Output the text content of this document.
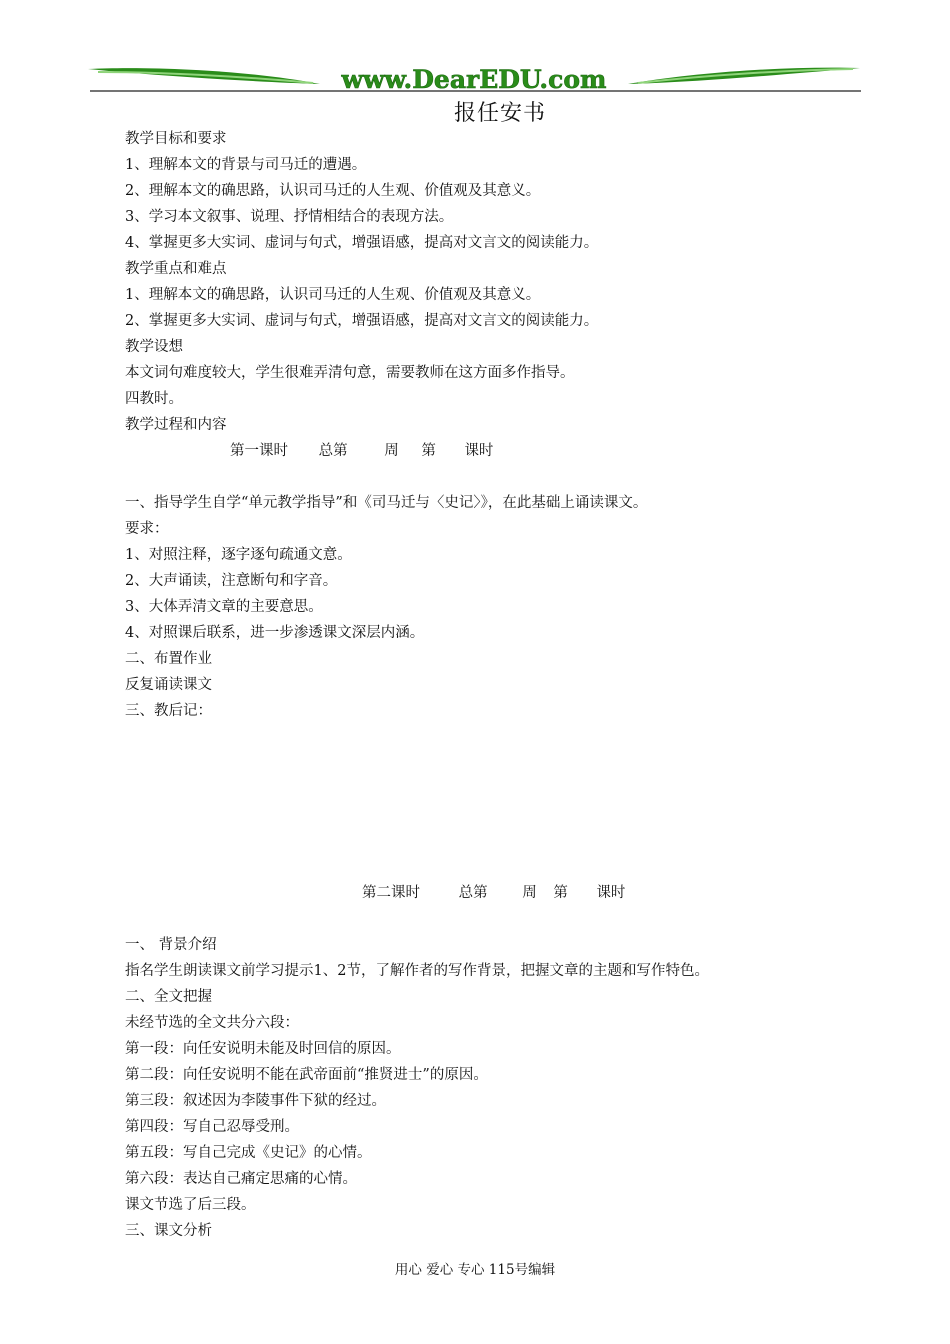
www.DearEDU.com
报任安书
教学目标和要求
1、理解本文的背景与司马迁的遭遇。
2、理解本文的确思路，认识司马迁的人生观、价值观及其意义。
3、学习本文叙事、说理、抒情相结合的表现方法。
4、掌握更多大实词、虚词与句式，增强语感，提高对文言文的阅读能力。
教学重点和难点
1、理解本文的确思路，认识司马迁的人生观、价值观及其意义。
2、掌握更多大实词、虚词与句式，增强语感，提高对文言文的阅读能力。
教学设想
本文词句难度较大，学生很难弄清句意，需要教师在这方面多作指导。
四教时。
教学过程和内容
第一课时 总第	周 第 课时
一、指导学生自学“单元教学指导”和《司马迁与〈史记〉》，在此基础上诵读课文。
要求：
1、对照注释，逐字逐句疏通文意。
2、大声诵读，注意断句和字音。
3、大体弄清文章的主要意思。
4、对照课后联系，进一步渗透课文深层内涵。
二、布置作业
反复诵读课文
三、教后记：
第二课时	总第 周 第 课时
一、 背景介绍
指名学生朗读课文前学习提示1、2节，了解作者的写作背景，把握文章的主题和写作特色。
二、全文把握
未经节选的全文共分六段：
第一段：向任安说明未能及时回信的原因。
第二段：向任安说明不能在武帝面前“推贤进士”的原因。
第三段：叙述因为李陵事件下狱的经过。
第四段：写自己忍辱受刑。
第五段：写自己完成《史记》的心情。
第六段：表达自己痛定思痛的心情。
课文节选了后三段。
三、课文分析
用心 爱心 专心 115号编辑
